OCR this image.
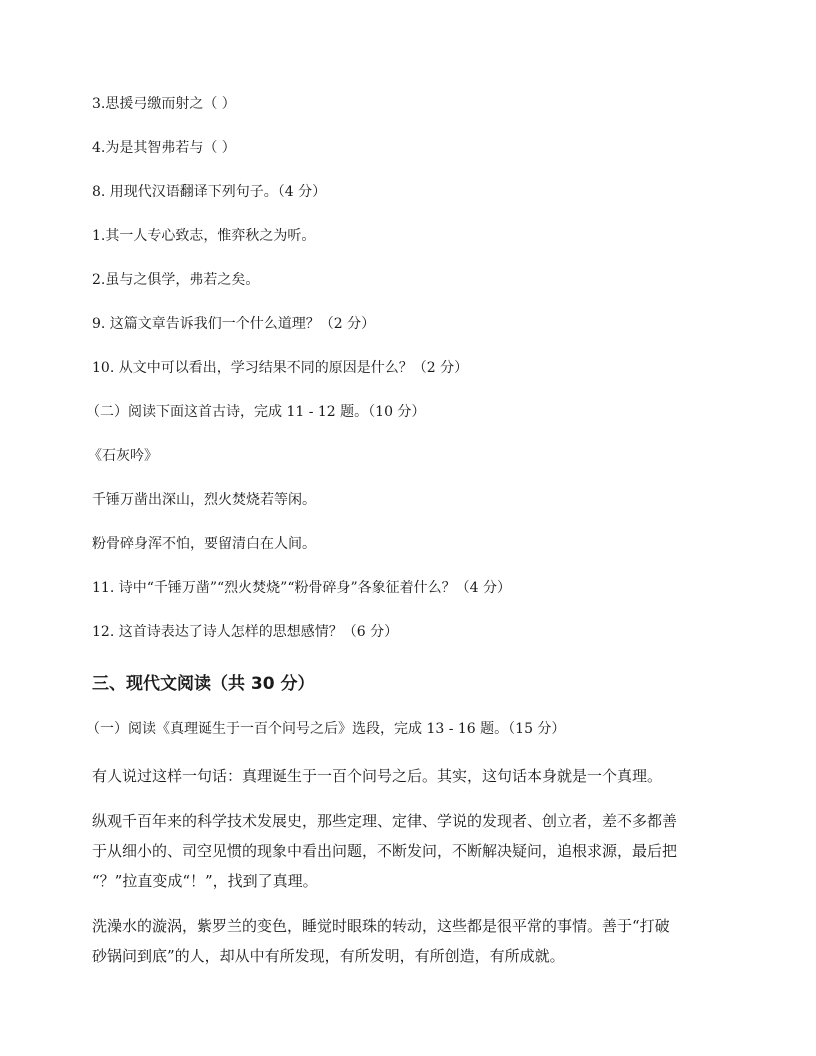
3.思援弓缴而射之（ ）
4.为是其智弗若与（ ）
8. 用现代汉语翻译下列句子。（4 分）
1.其一人专心致志，惟弈秋之为听。
2.虽与之俱学，弗若之矣。
9. 这篇文章告诉我们一个什么道理？（2 分）
10. 从文中可以看出，学习结果不同的原因是什么？（2 分）
（二）阅读下面这首古诗，完成 11 - 12 题。（10 分）
《石灰吟》
千锤万凿出深山，烈火焚烧若等闲。
粉骨碎身浑不怕，要留清白在人间。
11. 诗中“千锤万凿”“烈火焚烧”“粉骨碎身”各象征着什么？（4 分）
12. 这首诗表达了诗人怎样的思想感情？（6 分）
三、现代文阅读（共 30 分）
（一）阅读《真理诞生于一百个问号之后》选段，完成 13 - 16 题。（15 分）
有人说过这样一句话：真理诞生于一百个问号之后。其实，这句话本身就是一个真理。
纵观千百年来的科学技术发展史，那些定理、定律、学说的发现者、创立者，差不多都善
于从细小的、司空见惯的现象中看出问题，不断发问，不断解决疑问，追根求源，最后把
“？”拉直变成“！”，找到了真理。
洗澡水的漩涡，紫罗兰的变色，睡觉时眼珠的转动，这些都是很平常的事情。善于“打破
砂锅问到底”的人，却从中有所发现，有所发明，有所创造，有所成就。
